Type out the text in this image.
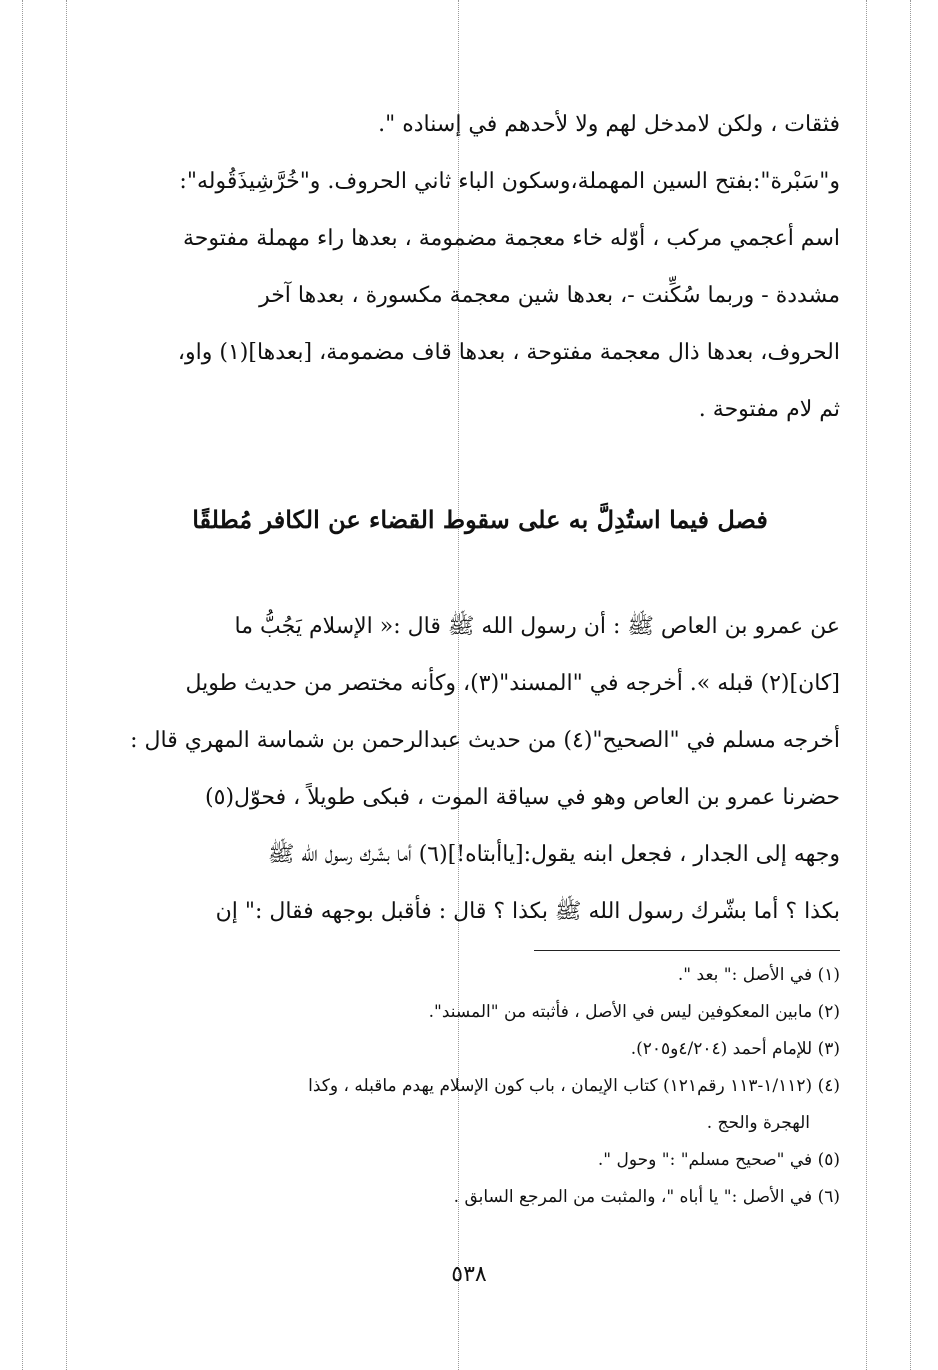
فثقات ، ولكن لامدخل لهم ولا لأحدهم في إسناده ".

و"سَبْرة":بفتح السين المهملة،وسكون الباء ثاني الحروف. و"خُرَّشِيذَقُوله":

اسم أعجمي مركب ، أوّله خاء معجمة مضمومة ، بعدها راء مهملة مفتوحة

مشددة - وربما سُكِّنت -، بعدها شين معجمة مكسورة ، بعدها آخر

الحروف، بعدها ذال معجمة مفتوحة ، بعدها قاف مضمومة، [بعدها](١) واو،

ثم لام مفتوحة .

فصل فيما استُدِلَّ به على سقوط القضاء عن الكافر مُطلقًا

عن عمرو بن العاص ﷺ : أن رسول الله ﷺ قال :« الإسلام يَجُبُّ ما

[كان](٢) قبله ». أخرجه في "المسند"(٣)، وكأنه مختصر من حديث طويل

أخرجه مسلم في "الصحيح"(٤) من حديث عبدالرحمن بن شماسة المهري قال :

حضرنا عمرو بن العاص وهو في سياقة الموت ، فبكى طويلاً ، فحوّل(٥)

وجهه إلى الجدار ، فجعل ابنه يقول:[ياأبتاه!](٦) أما بشّرك رسول الله ﷺ

بكذا ؟ أما بشّرك رسول الله ﷺ بكذا ؟ قال : فأقبل بوجهه فقال :" إن

(١) في الأصل :" بعد ".

(٢) مابين المعكوفين ليس في الأصل ، فأثبته من "المسند".

(٣) للإمام أحمد (٤/٢٠٤و٢٠٥).

(٤) (١/١١٢-١١٣ رقم١٢١) كتاب الإيمان ، باب كون الإسلام يهدم ماقبله ، وكذا

الهجرة والحج .

(٥) في "صحيح مسلم" :" وحول ".

(٦) في الأصل :" يا أباه "، والمثبت من المرجع السابق .

٥٣٨
